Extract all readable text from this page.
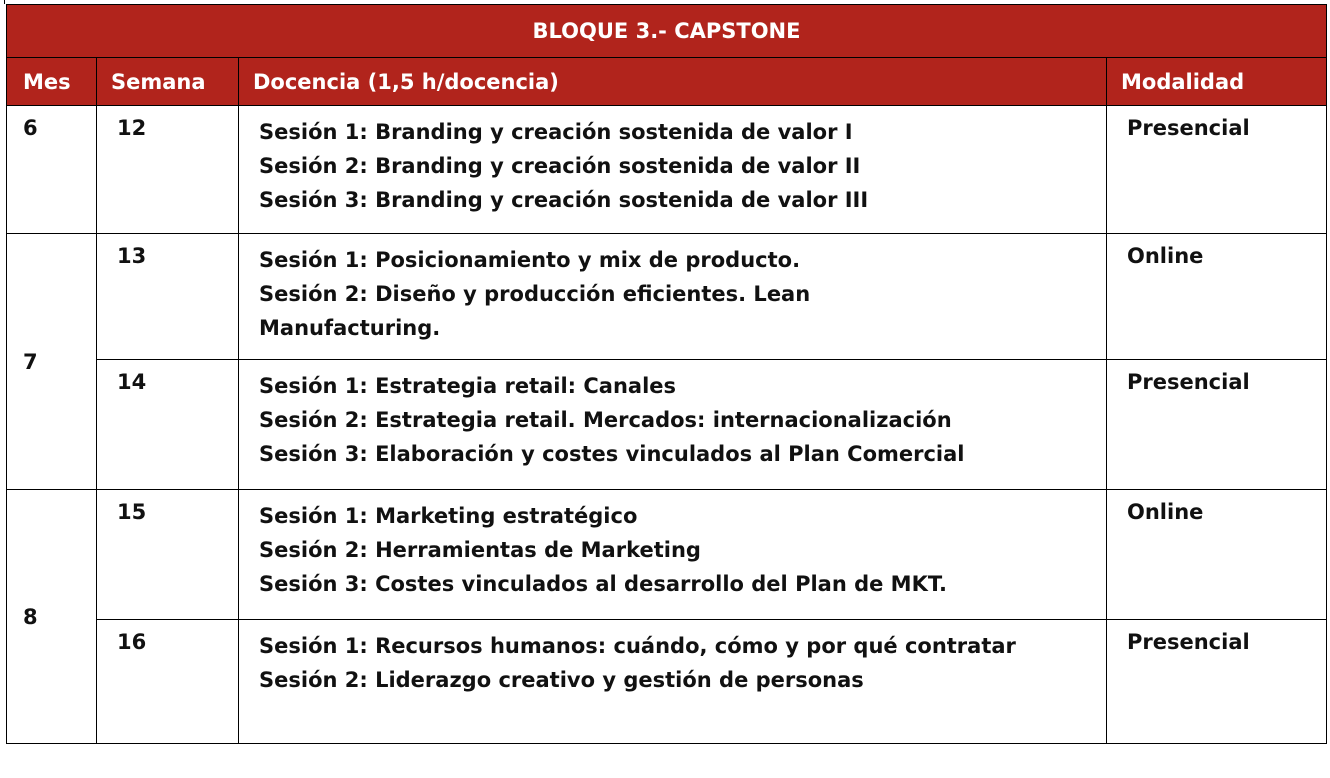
BLOQUE 3.- CAPSTONE			

Mes	Semana	Docencia (1,5 h/docencia)	Modalidad

6	12	Sesión 1: Branding y creación sostenida de valor I
Sesión 2: Branding y creación sostenida de valor II
Sesión 3: Branding y creación sostenida de valor III	Presencial
7	13	Sesión 1: Posicionamiento y mix de producto.
Sesión 2: Diseño y producción eficientes. Lean Manufacturing.	Online
	14	Sesión 1: Estrategia retail: Canales
Sesión 2: Estrategia retail. Mercados: internacionalización
Sesión 3: Elaboración y costes vinculados al Plan Comercial	Presencial
8	15	Sesión 1: Marketing estratégico
Sesión 2: Herramientas de Marketing
Sesión 3: Costes vinculados al desarrollo del Plan de MKT.	Online
	16	Sesión 1: Recursos humanos: cuándo, cómo y por qué contratar
Sesión 2: Liderazgo creativo y gestión de personas	Presencial
